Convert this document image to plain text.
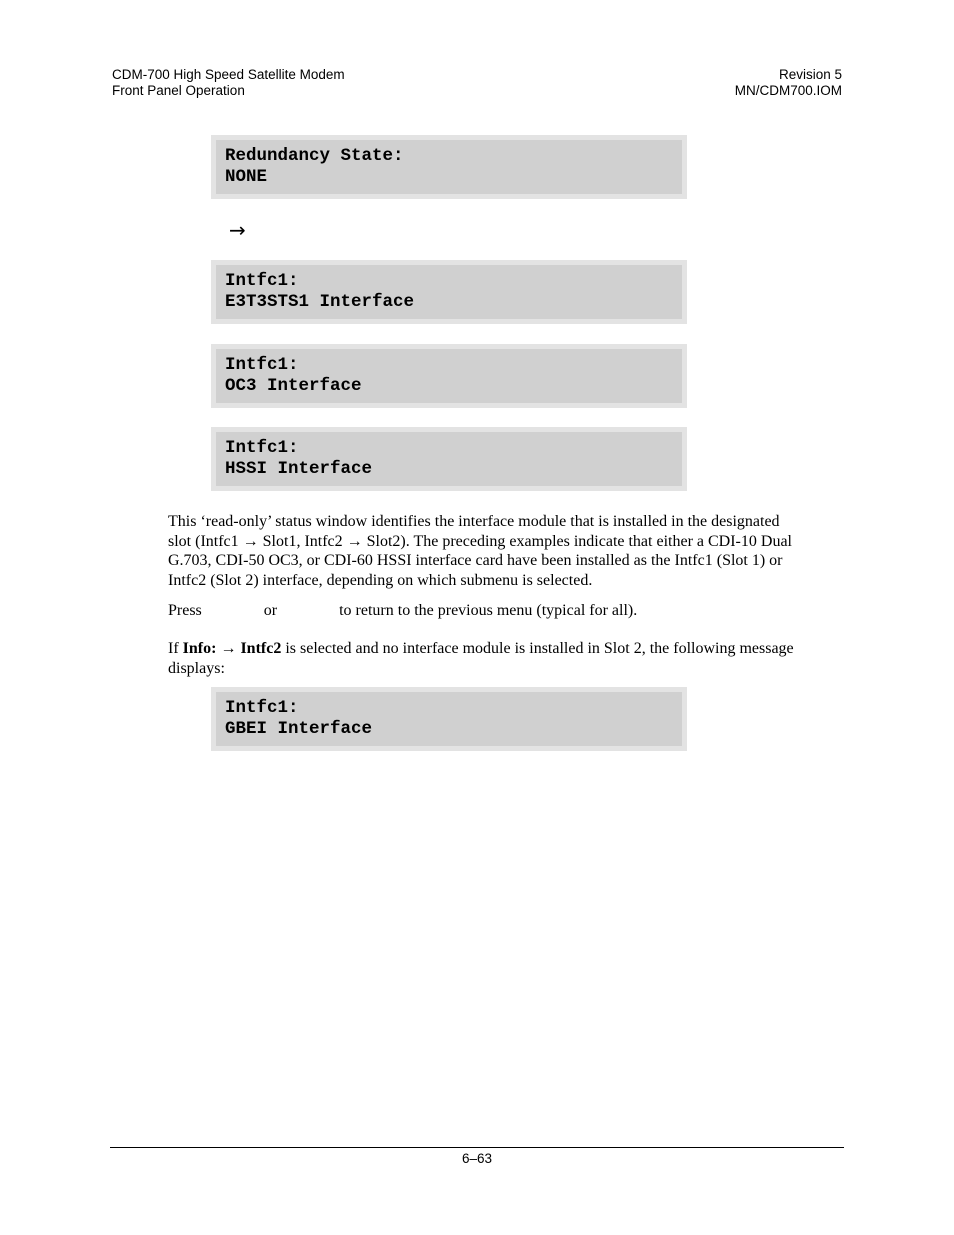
CDM-700 High Speed Satellite Modem
Front Panel Operation
Revision 5
MN/CDM700.IOM
Redundancy State:
NONE
→
Intfc1:
E3T3STS1 Interface
Intfc1:
OC3 Interface
Intfc1:
HSSI Interface
This ‘read-only’ status window identifies the interface module that is installed in the designated
slot (Intfc1 → Slot1, Intfc2 → Slot2). The preceding examples indicate that either a CDI-10 Dual
G.703, CDI-50 OC3, or CDI-60 HSSI interface card have been installed as the Intfc1 (Slot 1) or
Intfc2 (Slot 2) interface, depending on which submenu is selected.
Press	or	to return to the previous menu (typical for all).
If Info: → Intfc2 is selected and no interface module is installed in Slot 2, the following message
displays:
Intfc1:
GBEI Interface
6–63
